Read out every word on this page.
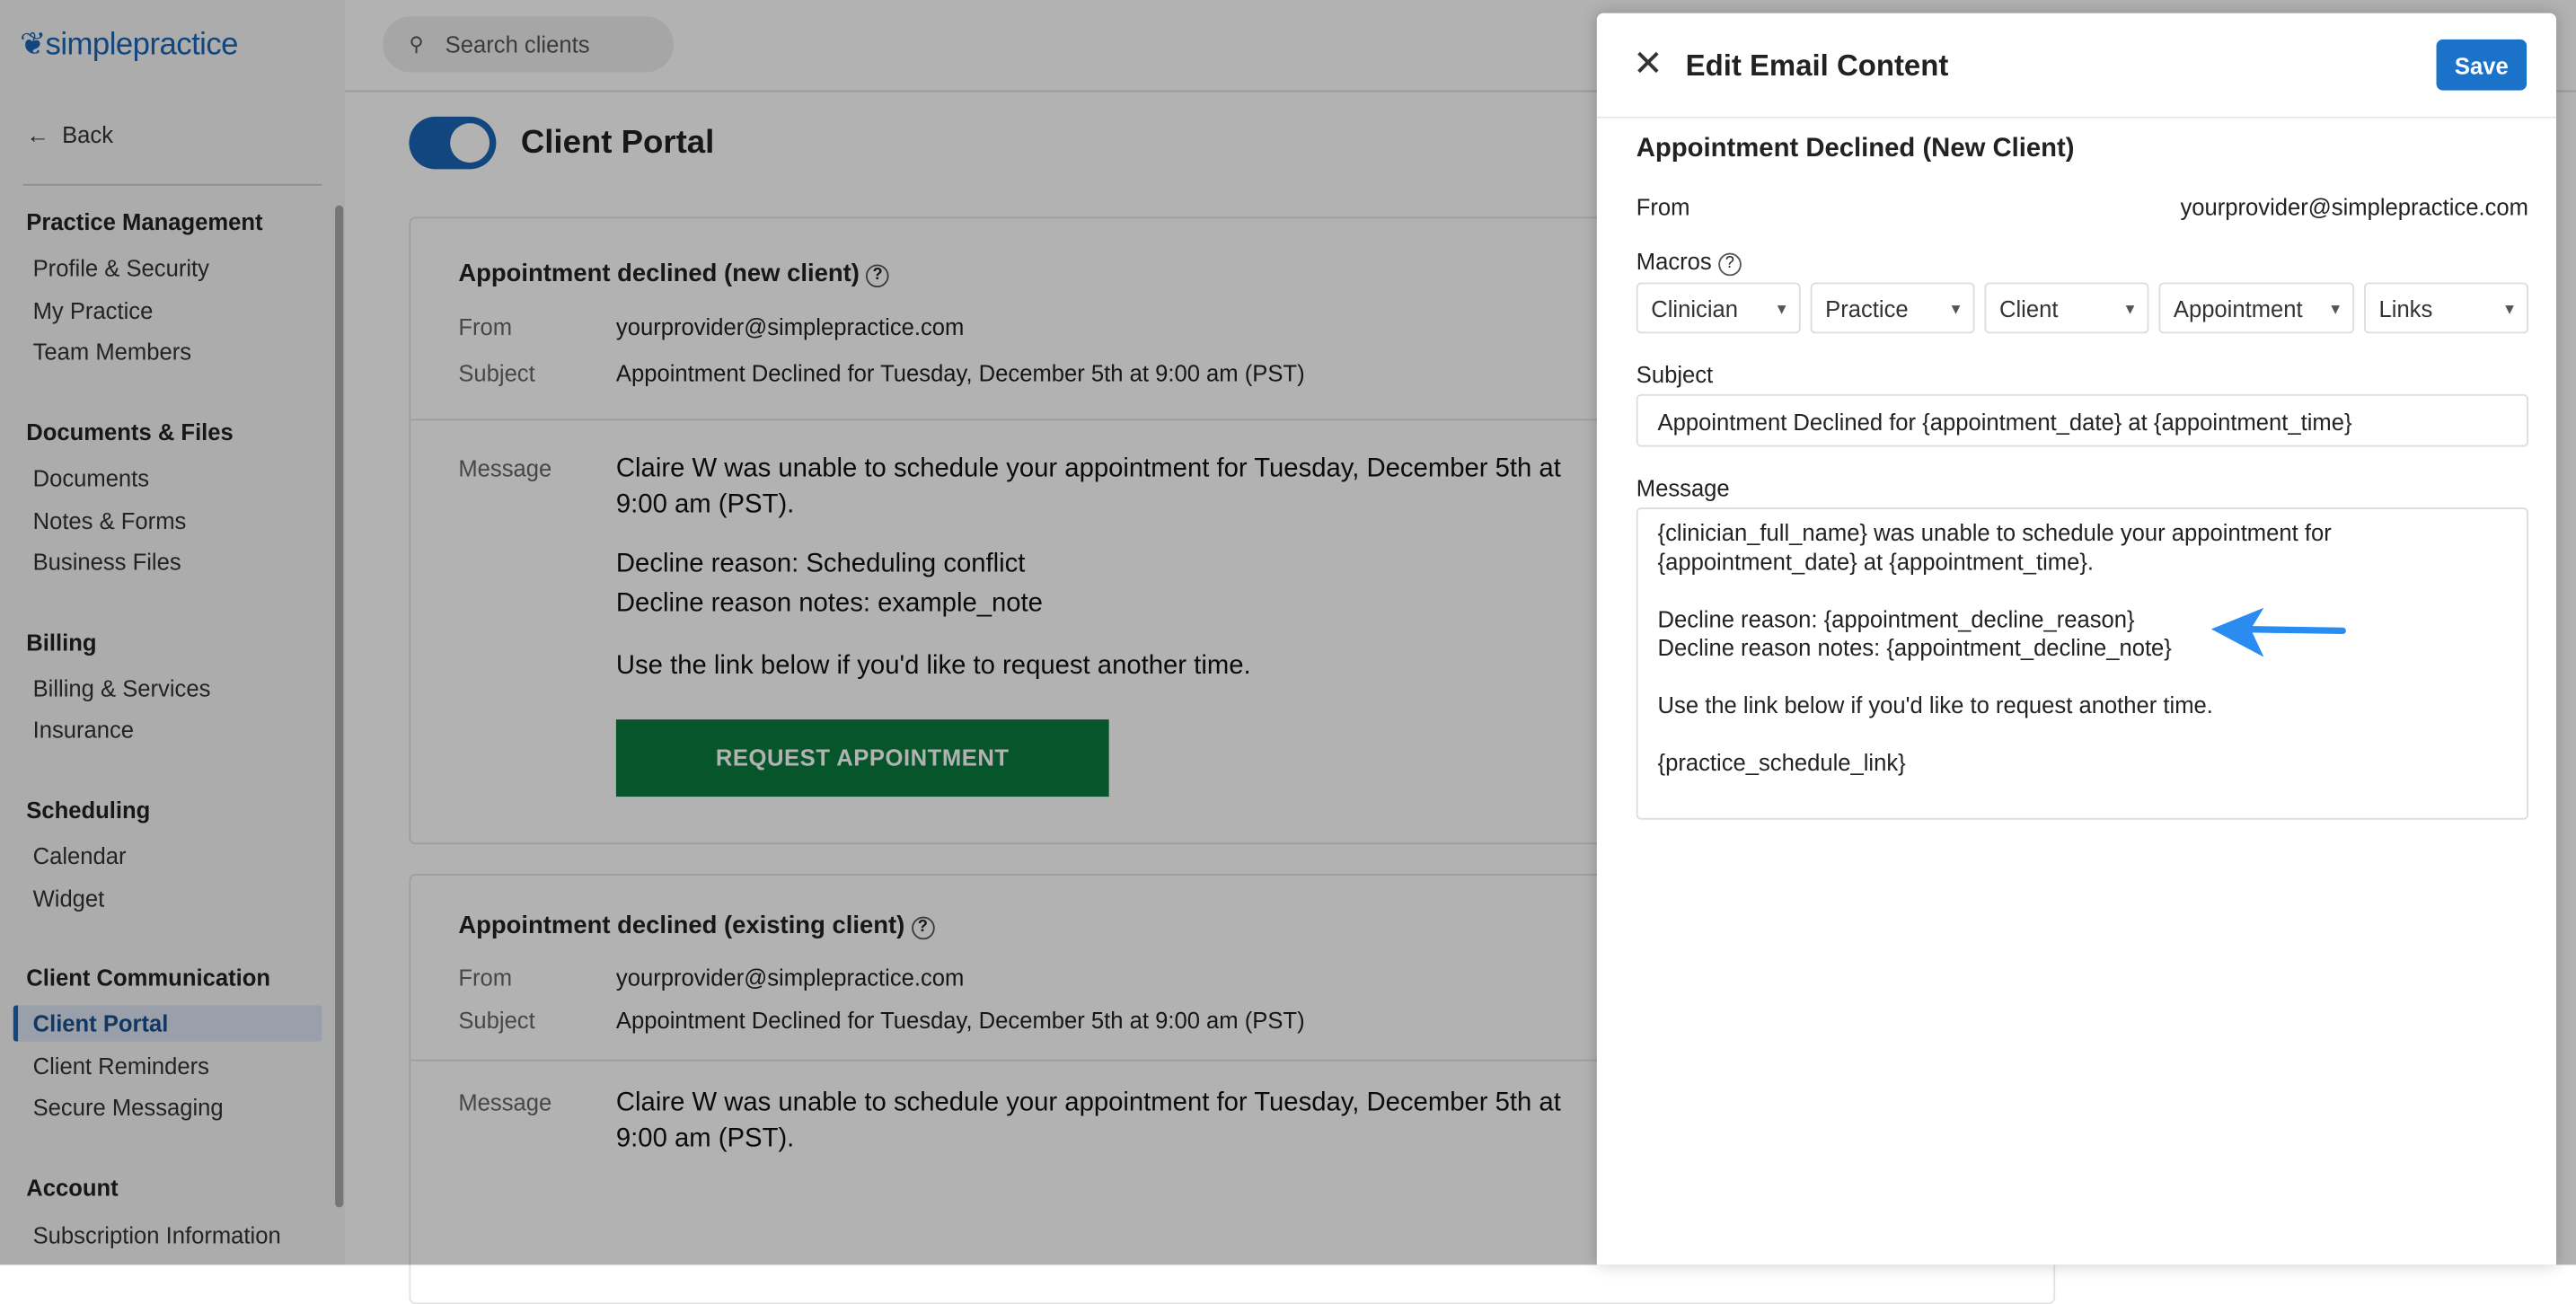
❦simplepractice
← Back
Practice Management
Profile & Security
My Practice
Team Members
Documents & Files
Documents
Notes & Forms
Business Files
Billing
Billing & Services
Insurance
Scheduling
Calendar
Widget
Client Communication
Client Portal
Client Reminders
Secure Messaging
Account
Subscription Information
⚲ Search clients
Client Portal
Appointment declined (new client) ?
From	yourprovider@simplepractice.com
Subject	Appointment Declined for Tuesday, December 5th at 9:00 am (PST)
Message	Claire W was unable to schedule your appointment for Tuesday, December 5th at 9:00 am (PST).
Decline reason: Scheduling conflict
Decline reason notes: example_note
Use the link below if you'd like to request another time.
REQUEST APPOINTMENT
Appointment declined (existing client) ?
From	yourprovider@simplepractice.com
Subject	Appointment Declined for Tuesday, December 5th at 9:00 am (PST)
Message	Claire W was unable to schedule your appointment for Tuesday, December 5th at 9:00 am (PST).
✕ Edit Email Content	Save
Appointment Declined (New Client)
From	yourprovider@simplepractice.com
Macros ?
Clinician	▼	Practice	▼	Client	▼	Appointment	▼	Links	▼
Subject
Appointment Declined for {appointment_date} at {appointment_time}
Message
{clinician_full_name} was unable to schedule your appointment for
{appointment_date} at {appointment_time}.

Decline reason: {appointment_decline_reason}
Decline reason notes: {appointment_decline_note}

Use the link below if you'd like to request another time.

{practice_schedule_link}
